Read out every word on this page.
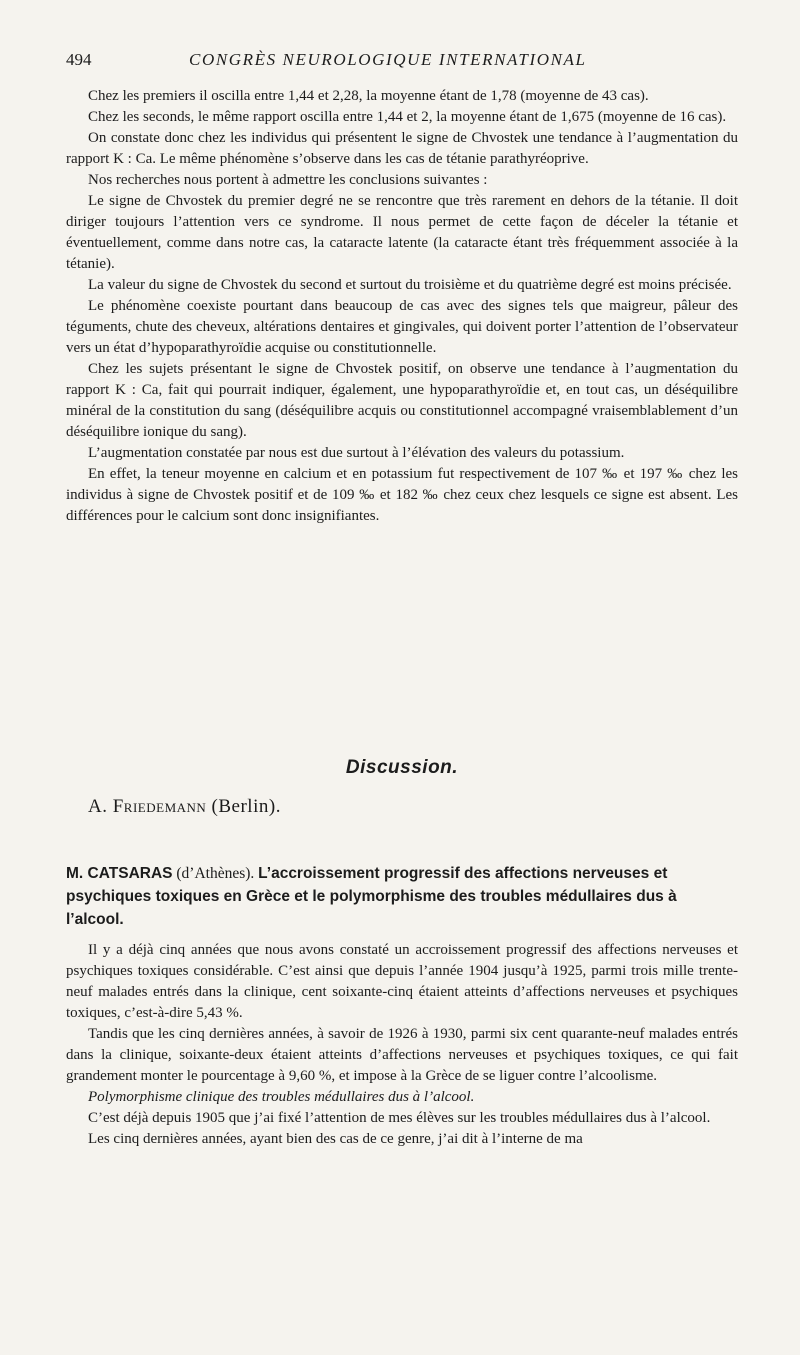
494	CONGRÈS NEUROLOGIQUE INTERNATIONAL

Chez les premiers il oscilla entre 1,44 et 2,28, la moyenne étant de 1,78 (moyenne de 43 cas).

Chez les seconds, le même rapport oscilla entre 1,44 et 2, la moyenne étant de 1,675 (moyenne de 16 cas).

On constate donc chez les individus qui présentent le signe de Chvostek une tendance à l’augmentation du rapport K : Ca. Le même phénomène s’observe dans les cas de tétanie parathyréoprive.

Nos recherches nous portent à admettre les conclusions suivantes :

Le signe de Chvostek du premier degré ne se rencontre que très rarement en dehors de la tétanie. Il doit diriger toujours l’attention vers ce syndrome. Il nous permet de cette façon de déceler la tétanie et éventuellement, comme dans notre cas, la cataracte latente (la cataracte étant très fréquemment associée à la tétanie).

La valeur du signe de Chvostek du second et surtout du troisième et du quatrième degré est moins précisée.

Le phénomène coexiste pourtant dans beaucoup de cas avec des signes tels que maigreur, pâleur des téguments, chute des cheveux, altérations dentaires et gingivales, qui doivent porter l’attention de l’observateur vers un état d’hypoparathyroïdie acquise ou constitutionnelle.

Chez les sujets présentant le signe de Chvostek positif, on observe une tendance à l’augmentation du rapport K : Ca, fait qui pourrait indiquer, également, une hypoparathyroïdie et, en tout cas, un déséquilibre minéral de la constitution du sang (déséquilibre acquis ou constitutionnel accompagné vraisemblablement d’un déséquilibre ionique du sang).

L’augmentation constatée par nous est due surtout à l’élévation des valeurs du potassium.

En effet, la teneur moyenne en calcium et en potassium fut respectivement de 107 ‰ et 197 ‰ chez les individus à signe de Chvostek positif et de 109 ‰ et 182 ‰ chez ceux chez lesquels ce signe est absent. Les différences pour le calcium sont donc insignifiantes.

Discussion.
A. Friedemann (Berlin).
M. CATSARAS (d’Athènes). L’accroissement progressif des affections nerveuses et psychiques toxiques en Grèce et le polymorphisme des troubles médullaires dus à l’alcool.

Il y a déjà cinq années que nous avons constaté un accroissement progressif des affections nerveuses et psychiques toxiques considérable. C’est ainsi que depuis l’année 1904 jusqu’à 1925, parmi trois mille trente-neuf malades entrés dans la clinique, cent soixante-cinq étaient atteints d’affections nerveuses et psychiques toxiques, c’est-à-dire 5,43 %.

Tandis que les cinq dernières années, à savoir de 1926 à 1930, parmi six cent quarante-neuf malades entrés dans la clinique, soixante-deux étaient atteints d’affections nerveuses et psychiques toxiques, ce qui fait grandement monter le pourcentage à 9,60 %, et impose à la Grèce de se liguer contre l’alcoolisme.

Polymorphisme clinique des troubles médullaires dus à l’alcool.

C’est déjà depuis 1905 que j’ai fixé l’attention de mes élèves sur les troubles médullaires dus à l’alcool.

Les cinq dernières années, ayant bien des cas de ce genre, j’ai dit à l’interne de ma
